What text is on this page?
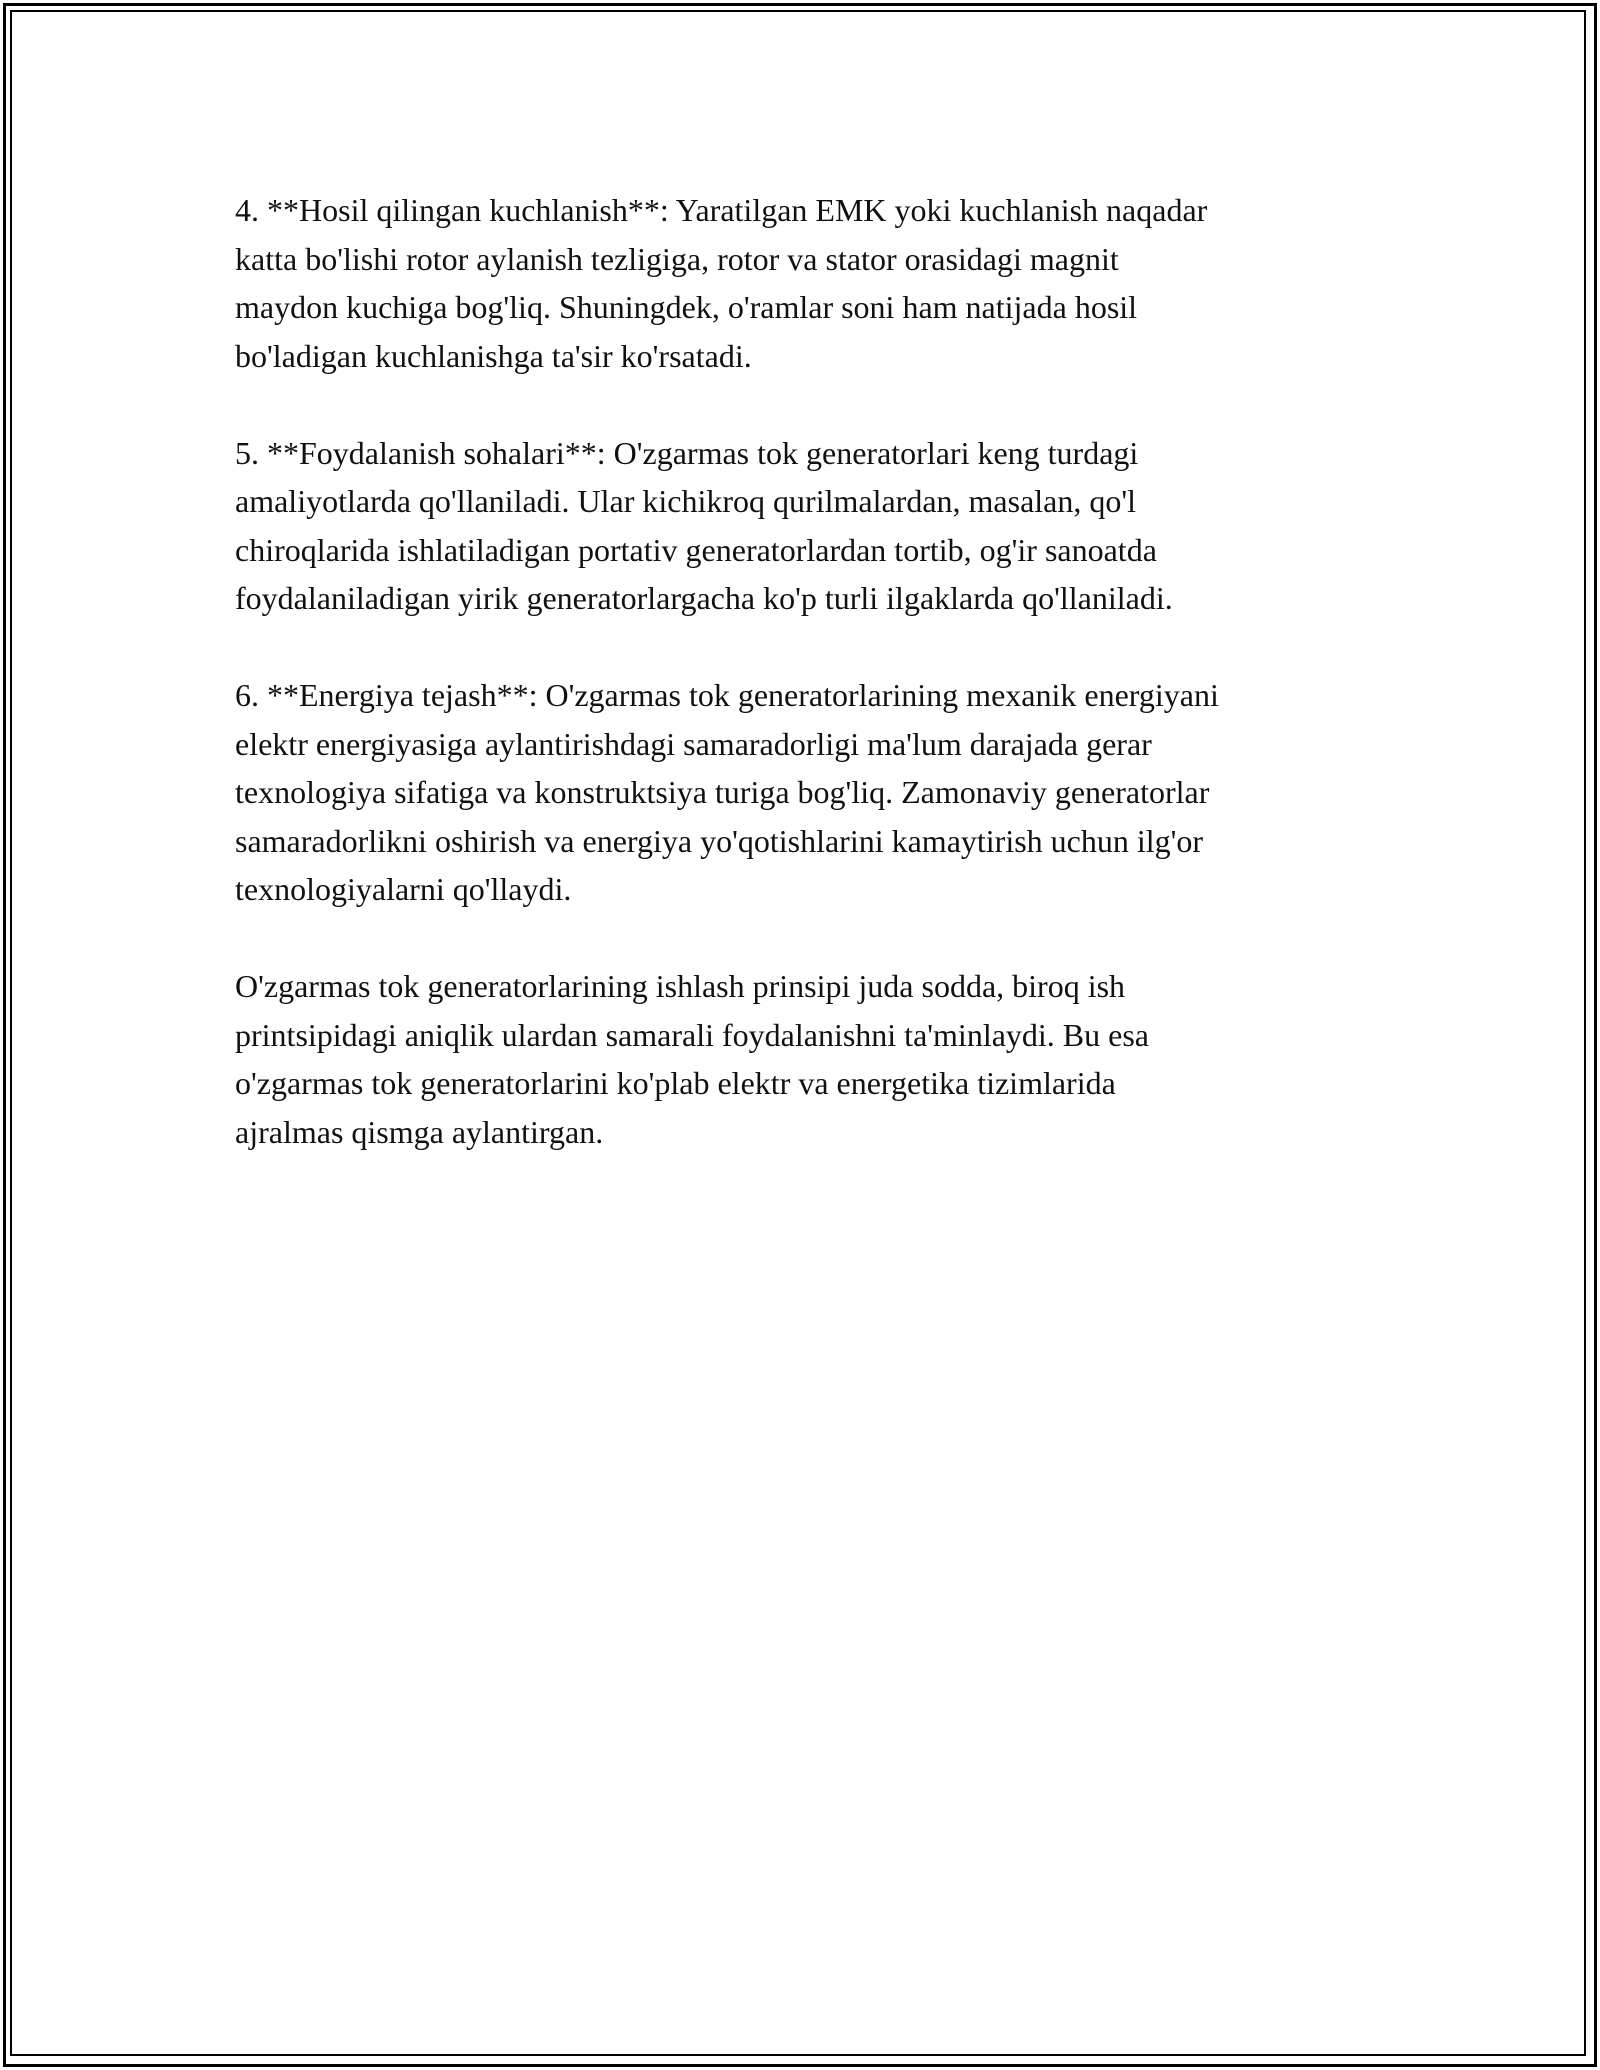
4. **Hosil qilingan kuchlanish**: Yaratilgan EMK yoki kuchlanish naqadar
katta bo'lishi rotor aylanish tezligiga, rotor va stator orasidagi magnit
maydon kuchiga bog'liq. Shuningdek, o'ramlar soni ham natijada hosil
bo'ladigan kuchlanishga ta'sir ko'rsatadi.

5. **Foydalanish sohalari**: O'zgarmas tok generatorlari keng turdagi
amaliyotlarda qo'llaniladi. Ular kichikroq qurilmalardan, masalan, qo'l
chiroqlarida ishlatiladigan portativ generatorlardan tortib, og'ir sanoatda
foydalaniladigan yirik generatorlargacha ko'p turli ilgaklarda qo'llaniladi.

6. **Energiya tejash**: O'zgarmas tok generatorlarining mexanik energiyani
elektr energiyasiga aylantirishdagi samaradorligi ma'lum darajada gerar
texnologiya sifatiga va konstruktsiya turiga bog'liq. Zamonaviy generatorlar
samaradorlikni oshirish va energiya yo'qotishlarini kamaytirish uchun ilg'or
texnologiyalarni qo'llaydi.

O'zgarmas tok generatorlarining ishlash prinsipi juda sodda, biroq ish
printsipidagi aniqlik ulardan samarali foydalanishni ta'minlaydi. Bu esa
o'zgarmas tok generatorlarini ko'plab elektr va energetika tizimlarida
ajralmas qismga aylantirgan.
